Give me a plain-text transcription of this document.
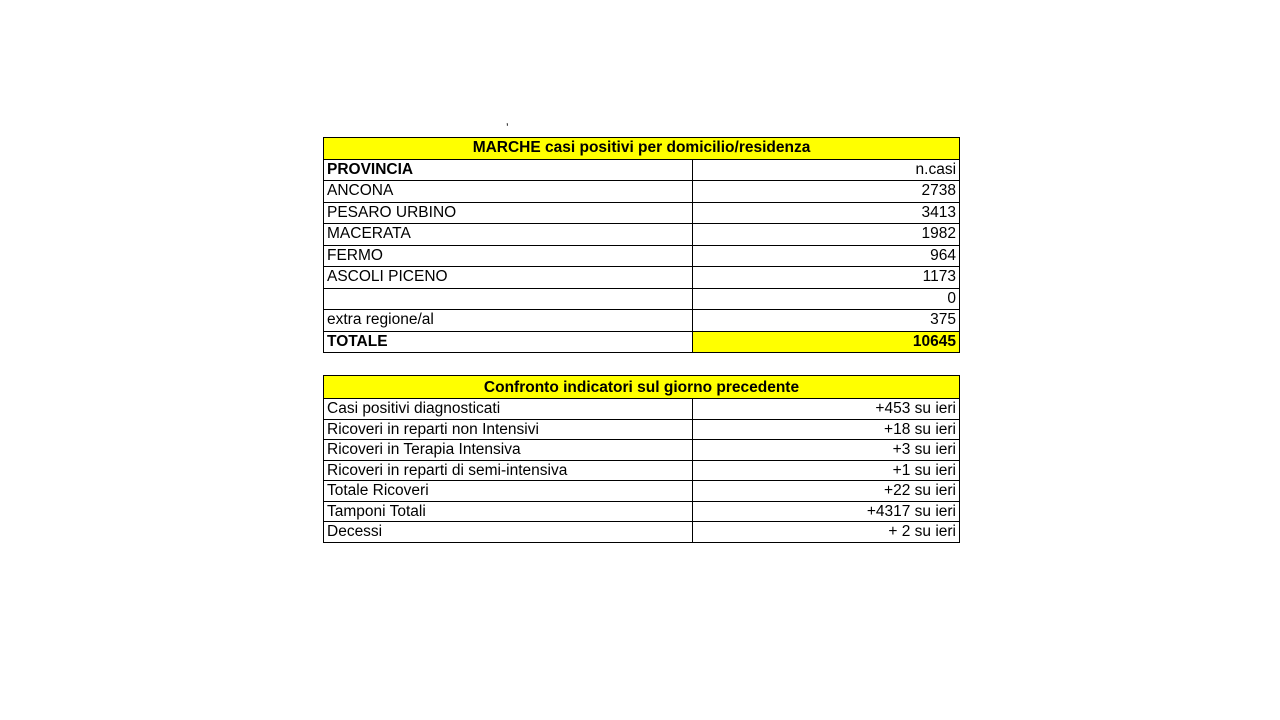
ʼ
MARCHE casi positivi per domicilio/residenza	
PROVINCIA	n.casi
ANCONA	2738
PESARO URBINO	3413
MACERATA	1982
FERMO	964
ASCOLI PICENO	1173
	0
extra regione/al	375
TOTALE	10645
Confronto indicatori sul giorno precedente	
Casi positivi diagnosticati	+453 su ieri
Ricoveri in reparti non Intensivi	+18 su ieri
Ricoveri in Terapia Intensiva	+3 su ieri
Ricoveri in reparti di semi-intensiva	+1 su ieri
Totale Ricoveri	+22 su ieri
Tamponi Totali	+4317 su ieri
Decessi	+ 2 su ieri
